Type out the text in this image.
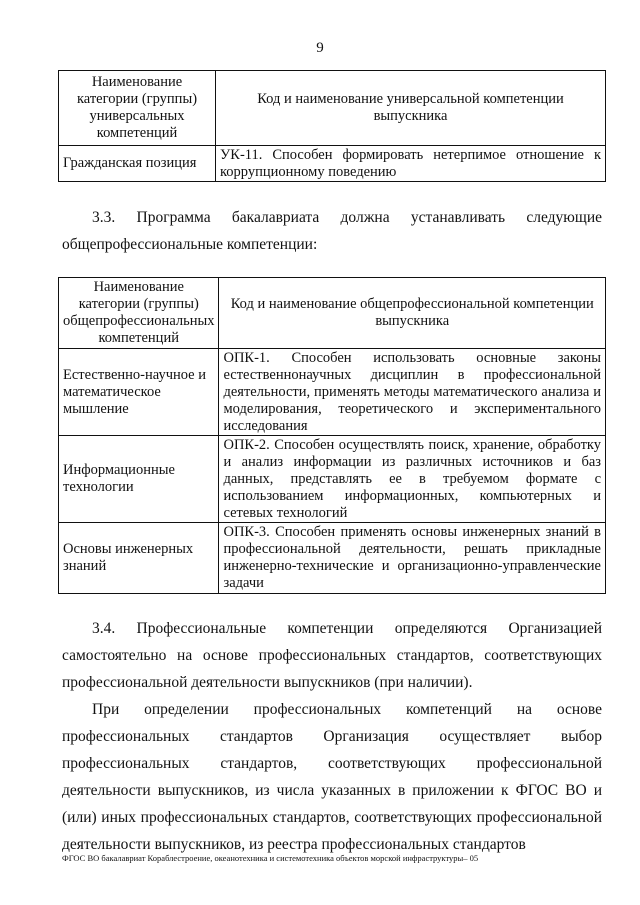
9
Наименование категории (группы) универсальных компетенций	Код и наименование универсальной компетенции выпускника
Гражданская позиция	УК-11. Способен формировать нетерпимое отношение к коррупционному поведению

3.3. Программа бакалавриата должна устанавливать следующие общепрофессиональные компетенции:

Наименование категории (группы) общепрофессиональных компетенций	Код и наименование общепрофессиональной компетенции выпускника
Естественно-научное и математическое мышление	ОПК-1. Способен использовать основные законы естественнонаучных дисциплин в профессиональной деятельности, применять методы математического анализа и моделирования, теоретического и экспериментального исследования
Информационные технологии	ОПК-2. Способен осуществлять поиск, хранение, обработку и анализ информации из различных источников и баз данных, представлять ее в требуемом формате с использованием информационных, компьютерных и сетевых технологий
Основы инженерных знаний	ОПК-3. Способен применять основы инженерных знаний в профессиональной деятельности, решать прикладные инженерно-технические и организационно-управленческие задачи

3.4. Профессиональные компетенции определяются Организацией самостоятельно на основе профессиональных стандартов, соответствующих профессиональной деятельности выпускников (при наличии).

При определении профессиональных компетенций на основе профессиональных стандартов Организация осуществляет выбор профессиональных стандартов, соответствующих профессиональной деятельности выпускников, из числа указанных в приложении к ФГОС ВО и (или) иных профессиональных стандартов, соответствующих профессиональной деятельности выпускников, из реестра профессиональных стандартов

ФГОС ВО бакалавриат Кораблестроение, океанотехника и системотехника объектов морской инфраструктуры– 05
